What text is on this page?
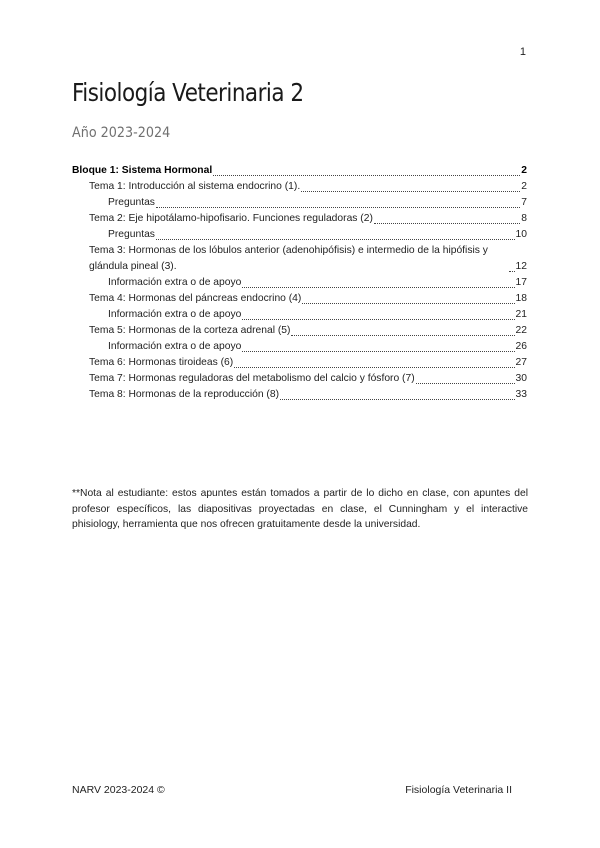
1
Fisiología Veterinaria 2
Año 2023-2024
Bloque 1: Sistema Hormonal	2
Tema 1: Introducción al sistema endocrino (1).	2
Preguntas	7
Tema 2: Eje hipotálamo-hipofisario. Funciones reguladoras (2)	8
Preguntas	10
Tema 3: Hormonas de los lóbulos anterior (adenohipófisis) e intermedio de la hipófisis y glándula pineal (3).	12
Información extra o de apoyo	17
Tema 4: Hormonas del páncreas endocrino (4)	18
Información extra o de apoyo	21
Tema 5: Hormonas de la corteza adrenal (5)	22
Información extra o de apoyo	26
Tema 6: Hormonas tiroideas (6)	27
Tema 7: Hormonas reguladoras del metabolismo del calcio y fósforo (7)	30
Tema 8: Hormonas de la reproducción (8)	33

**Nota al estudiante: estos apuntes están tomados a partir de lo dicho en clase, con apuntes del profesor específicos, las diapositivas proyectadas en clase, el Cunningham y el interactive phisiology, herramienta que nos ofrecen gratuitamente desde la universidad.

NARV 2023-2024 ©	Fisiología Veterinaria II
